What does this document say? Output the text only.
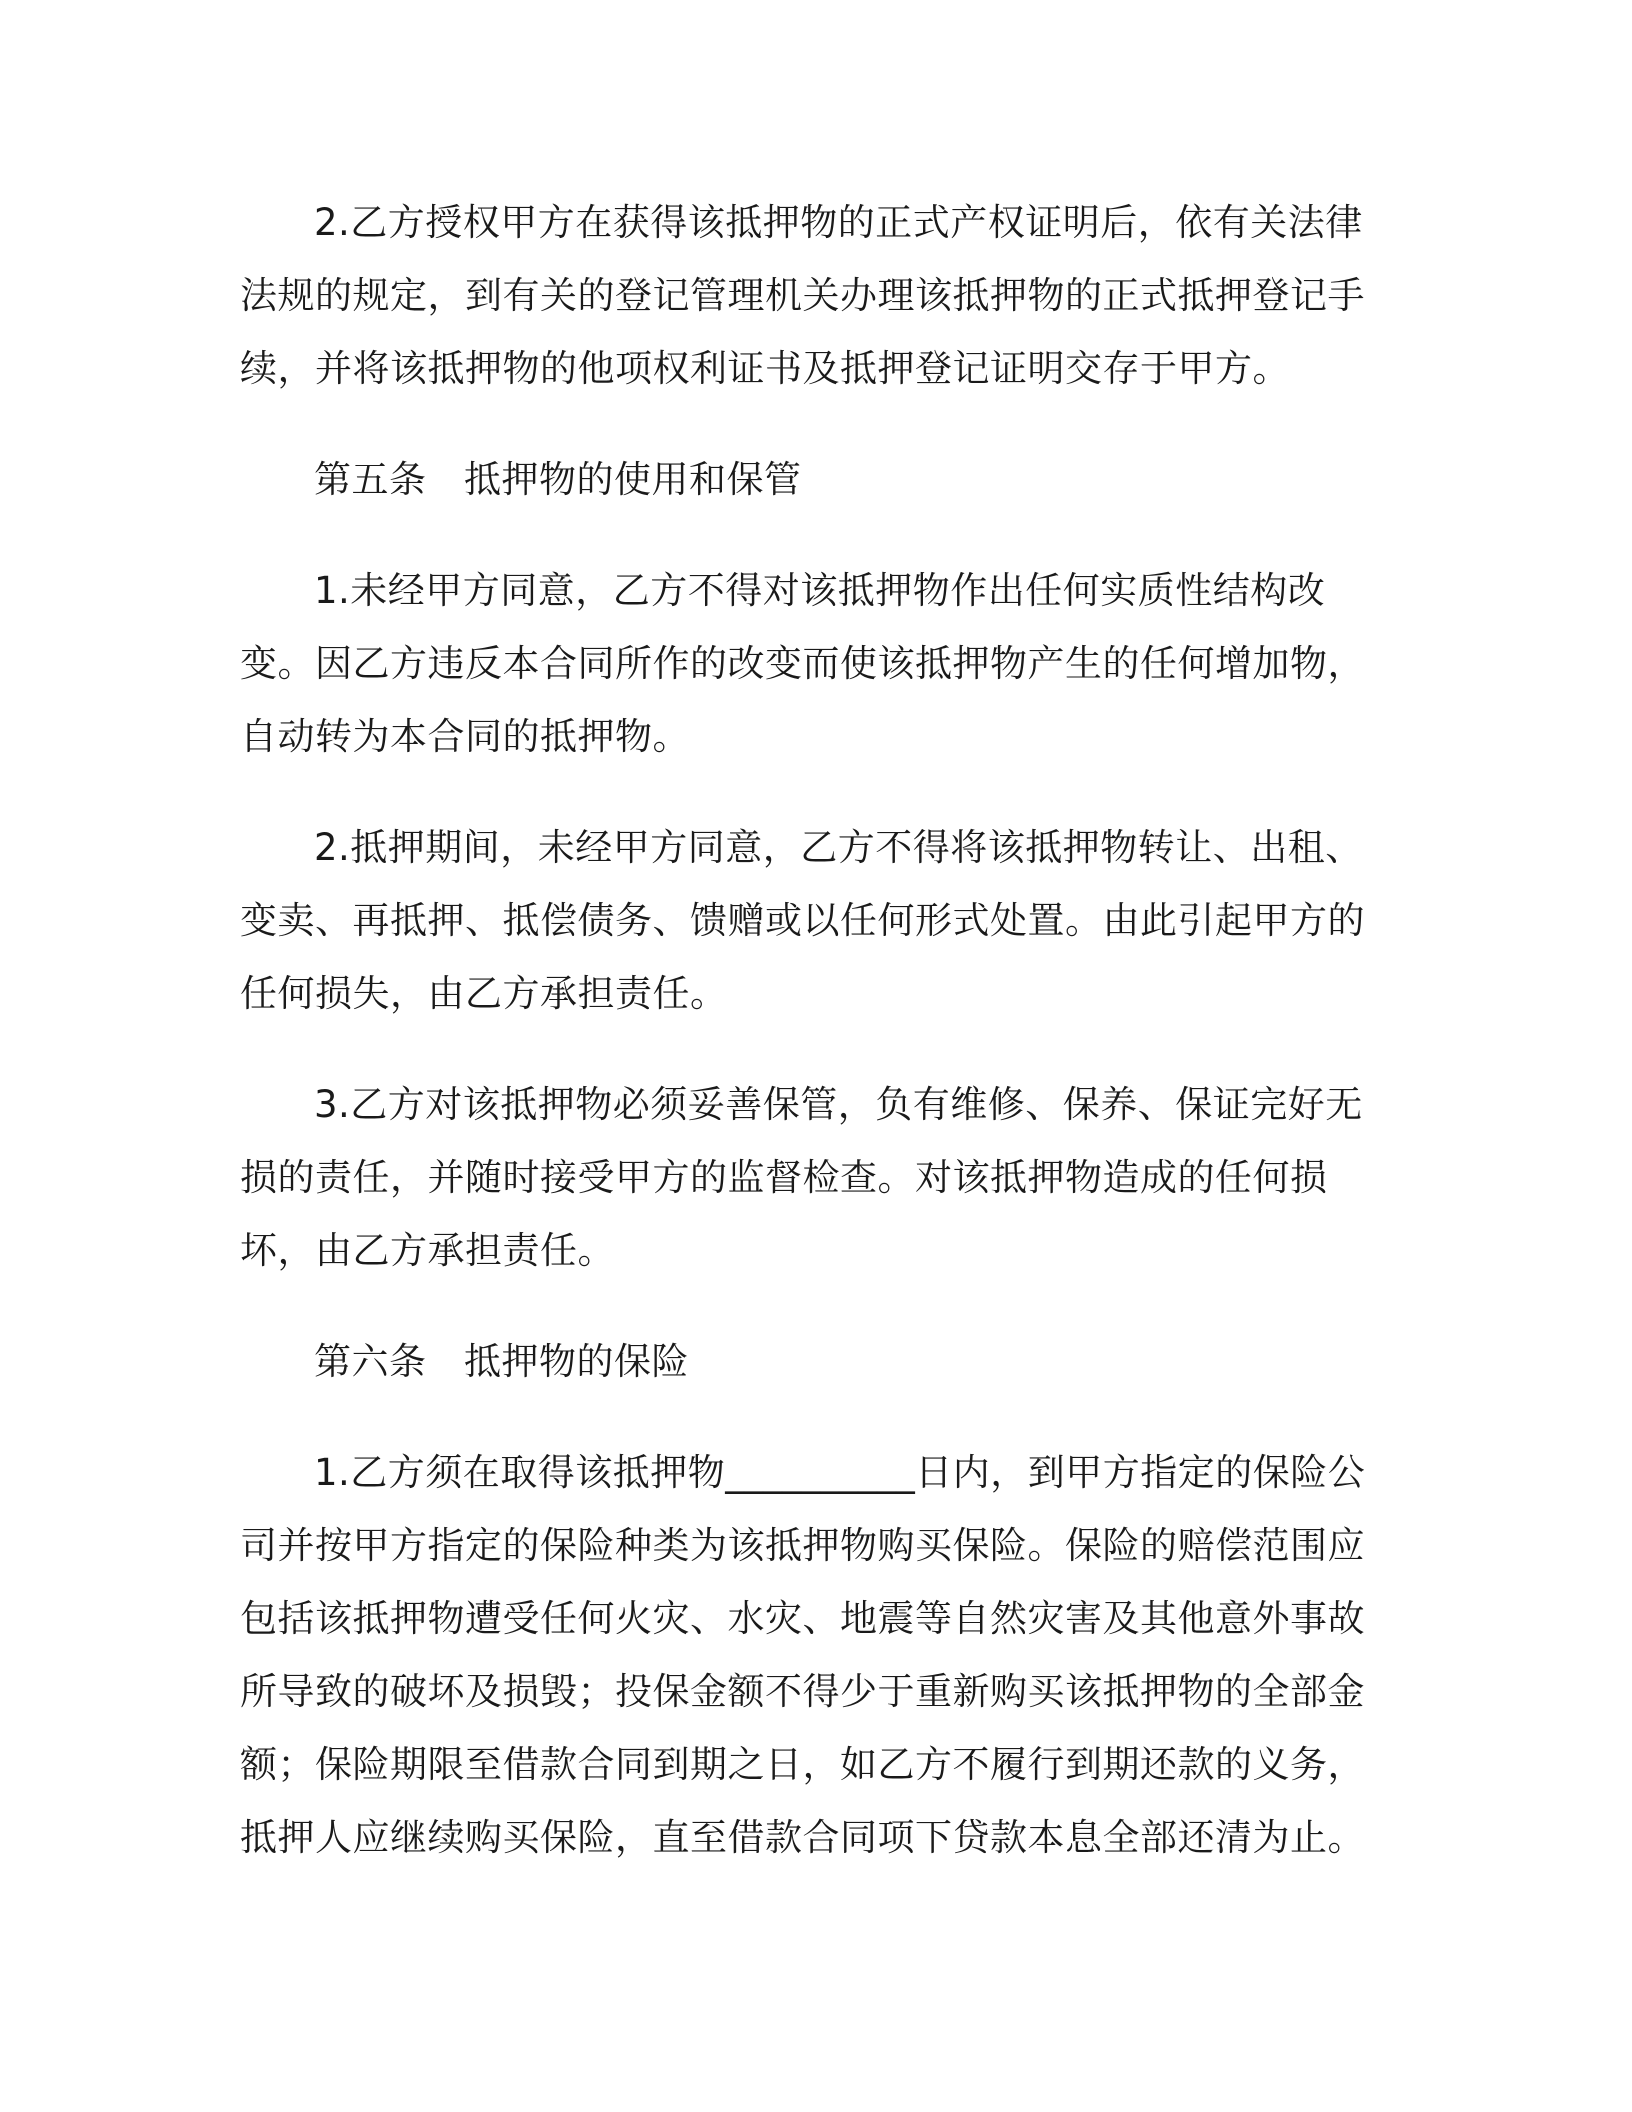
2.乙方授权甲方在获得该抵押物的正式产权证明后，依有关法律法规的规定，到有关的登记管理机关办理该抵押物的正式抵押登记手续，并将该抵押物的他项权利证书及抵押登记证明交存于甲方。

第五条　抵押物的使用和保管

1.未经甲方同意，乙方不得对该抵押物作出任何实质性结构改变。因乙方违反本合同所作的改变而使该抵押物产生的任何增加物，自动转为本合同的抵押物。

2.抵押期间，未经甲方同意，乙方不得将该抵押物转让、出租、变卖、再抵押、抵偿债务、馈赠或以任何形式处置。由此引起甲方的任何损失，由乙方承担责任。

3.乙方对该抵押物必须妥善保管，负有维修、保养、保证完好无损的责任，并随时接受甲方的监督检查。对该抵押物造成的任何损坏，由乙方承担责任。

第六条　抵押物的保险

1.乙方须在取得该抵押物__________日内，到甲方指定的保险公司并按甲方指定的保险种类为该抵押物购买保险。保险的赔偿范围应包括该抵押物遭受任何火灾、水灾、地震等自然灾害及其他意外事故所导致的破坏及损毁；投保金额不得少于重新购买该抵押物的全部金额；保险期限至借款合同到期之日，如乙方不履行到期还款的义务，抵押人应继续购买保险，直至借款合同项下贷款本息全部还清为止。
